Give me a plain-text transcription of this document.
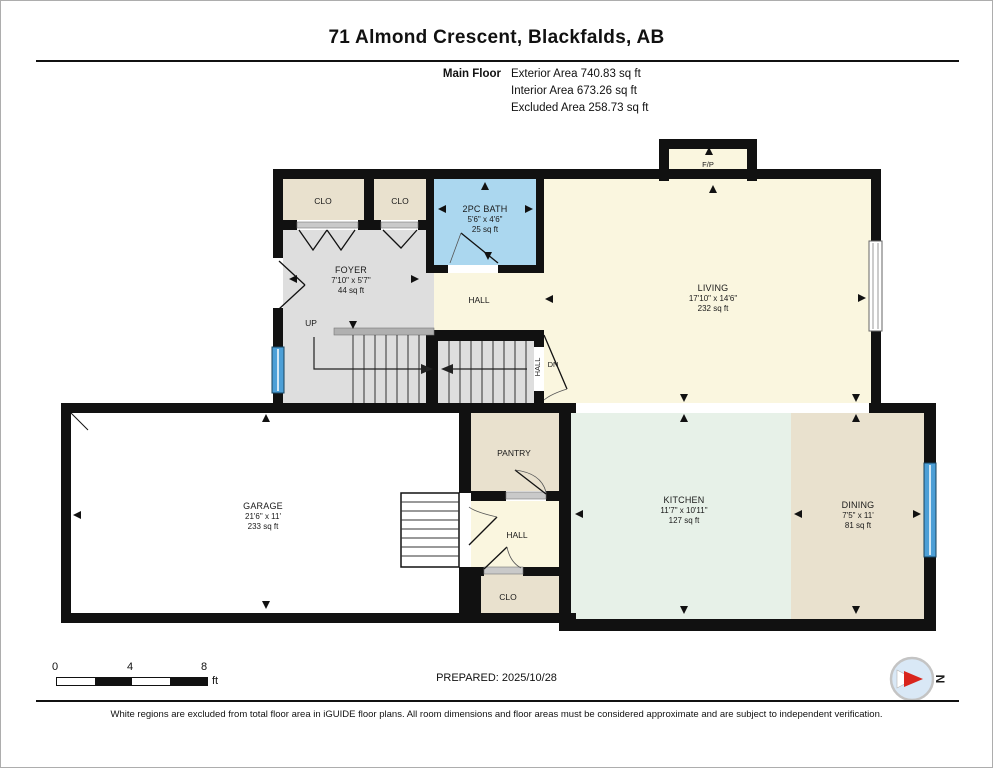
71 Almond Crescent, Blackfalds, AB
Main Floor Exterior Area 740.83 sq ft
Interior Area 673.26 sq ft
Excluded Area 258.73 sq ft
F/P
CLO	CLO
2PC BATH
5'6" x 4'6"
25 sq ft
FOYER
7'10" x 5'7"
44 sq ft
HALL
UP
HALL DN
LIVING
17'10" x 14'6"
232 sq ft
GARAGE
21'6" x 11'
233 sq ft
PANTRY
HALL
CLO
KITCHEN
11'7" x 10'11"
127 sq ft
DINING
7'5" x 11'
81 sq ft
0	4	8
ft	PREPARED: 2025/10/28	N
White regions are excluded from total floor area in iGUIDE floor plans. All room dimensions and floor areas must be considered approximate and are subject to independent verification.
